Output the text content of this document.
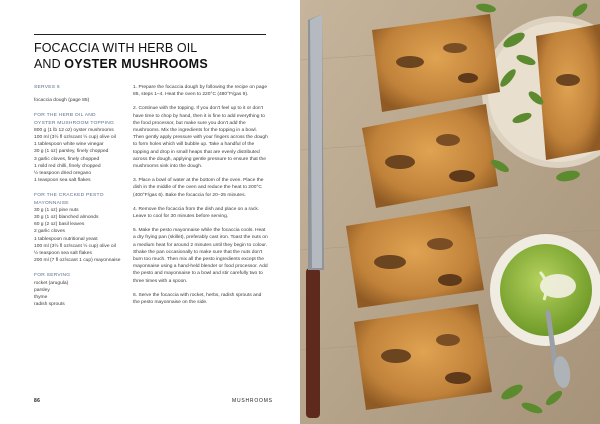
FOCACCIA WITH HERB OIL
AND OYSTER MUSHROOMS
SERVES 6
focaccia dough (page 85)
FOR THE HERB OIL AND
OYSTER MUSHROOM TOPPING
800 g (1 lb 12 oz) oyster mushrooms
100 ml (3½ fl oz/scant ½ cup) olive oil
1 tablespoon white wine vinegar
30 g (1 oz) parsley, finely chopped
3 garlic cloves, finely chopped
1 mild red chilli, finely chopped
½ teaspoon dried oregano
1 teaspoon sea salt flakes
FOR THE CRACKED PESTO
MAYONNAISE
30 g (1 oz) pine nuts
30 g (1 oz) blanched almonds
60 g (2 oz) basil leaves
2 garlic cloves
1 tablespoon nutritional yeast
100 ml (3½ fl oz/scant ½ cup) olive oil
½ teaspoon sea salt flakes
200 ml (7 fl oz/scant 1 cup) mayonnaise
FOR SERVING
rocket (arugula)
parsley
thyme
radish sprouts

1. Prepare the focaccia dough by following the recipe on page 85, steps 1–4. Heat the oven to 220°C (480°F/gas 9).

2. Continue with the topping. If you don't feel up to it or don't have time to chop by hand, then it is fine to add everything to the food processor, but make sure you don't add the mushrooms. Mix the ingredients for the topping in a bowl. Then gently apply pressure with your fingers across the dough to form holes which will bubble up. Take a handful of the topping and drop in small heaps that are evenly distributed across the dough, applying gentle pressure to ensure that the mushrooms sink into the dough.

3. Place a bowl of water at the bottom of the oven. Place the dish in the middle of the oven and reduce the heat to 200°C (400°F/gas 6). Bake the focaccia for 20–25 minutes.

4. Remove the focaccia from the dish and place on a rack. Leave to cool for 30 minutes before serving.

5. Make the pesto mayonnaise while the focaccia cools. Heat a dry frying pan (skillet), preferably cast iron. Toast the nuts on a medium heat for around 2 minutes until they begin to colour. Shake the pan occasionally to make sure that the nuts don't burn too much. Then mix all the pesto ingredients except the mayonnaise using a hand-held blender or food processor. Add the pesto and mayonnaise to a bowl and stir carefully two to three times with a spoon.

6. Serve the focaccia with rocket, herbs, radish sprouts and the pesto mayonnaise on the side.

86	MUSHROOMS
